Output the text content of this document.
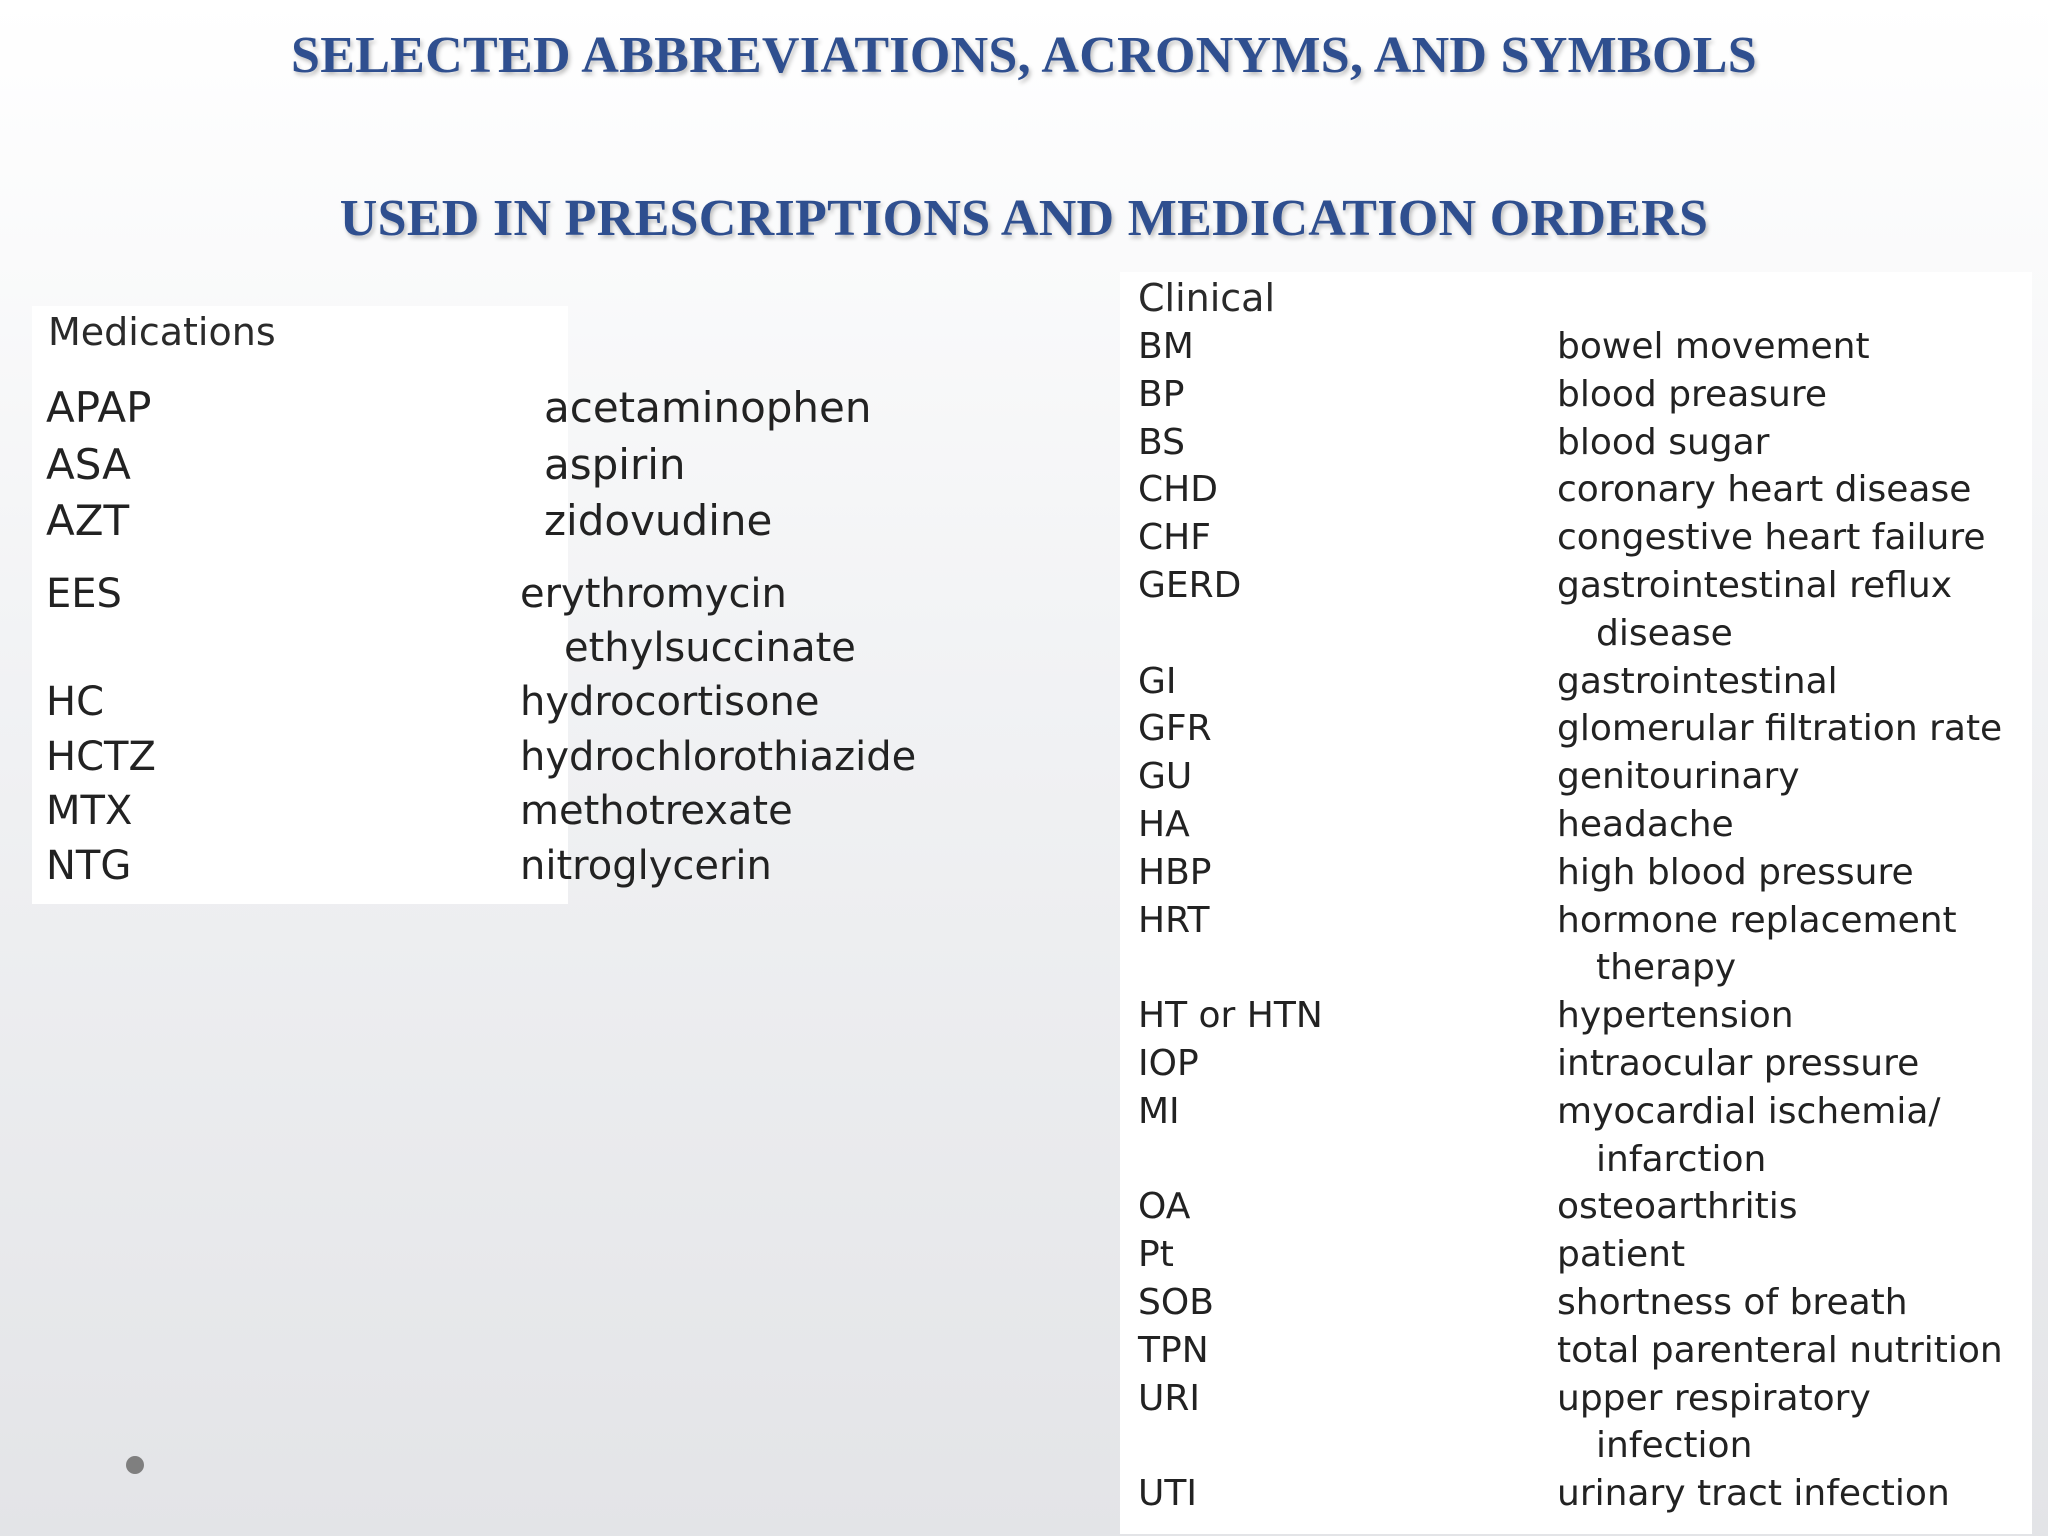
SELECTED ABBREVIATIONS, ACRONYMS, AND SYMBOLS
USED IN PRESCRIPTIONS AND MEDICATION ORDERS
Medications
Clinical
APAP	acetaminophen
ASA	aspirin
AZT	zidovudine
EES	erythromycin
ethylsuccinate
HC	hydrocortisone
HCTZ	hydrochlorothiazide
MTX	methotrexate
NTG	nitroglycerin
BM	bowel movement
BP	blood preasure
BS	blood sugar
CHD	coronary heart disease
CHF	congestive heart failure
GERD	gastrointestinal reflux
disease
GI	gastrointestinal
GFR	glomerular filtration rate
GU	genitourinary
HA	headache
HBP	high blood pressure
HRT	hormone replacement
therapy
HT or HTN	hypertension
IOP	intraocular pressure
MI	myocardial ischemia/
infarction
OA	osteoarthritis
Pt	patient
SOB	shortness of breath
TPN	total parenteral nutrition
URI	upper respiratory
infection
UTI	urinary tract infection
